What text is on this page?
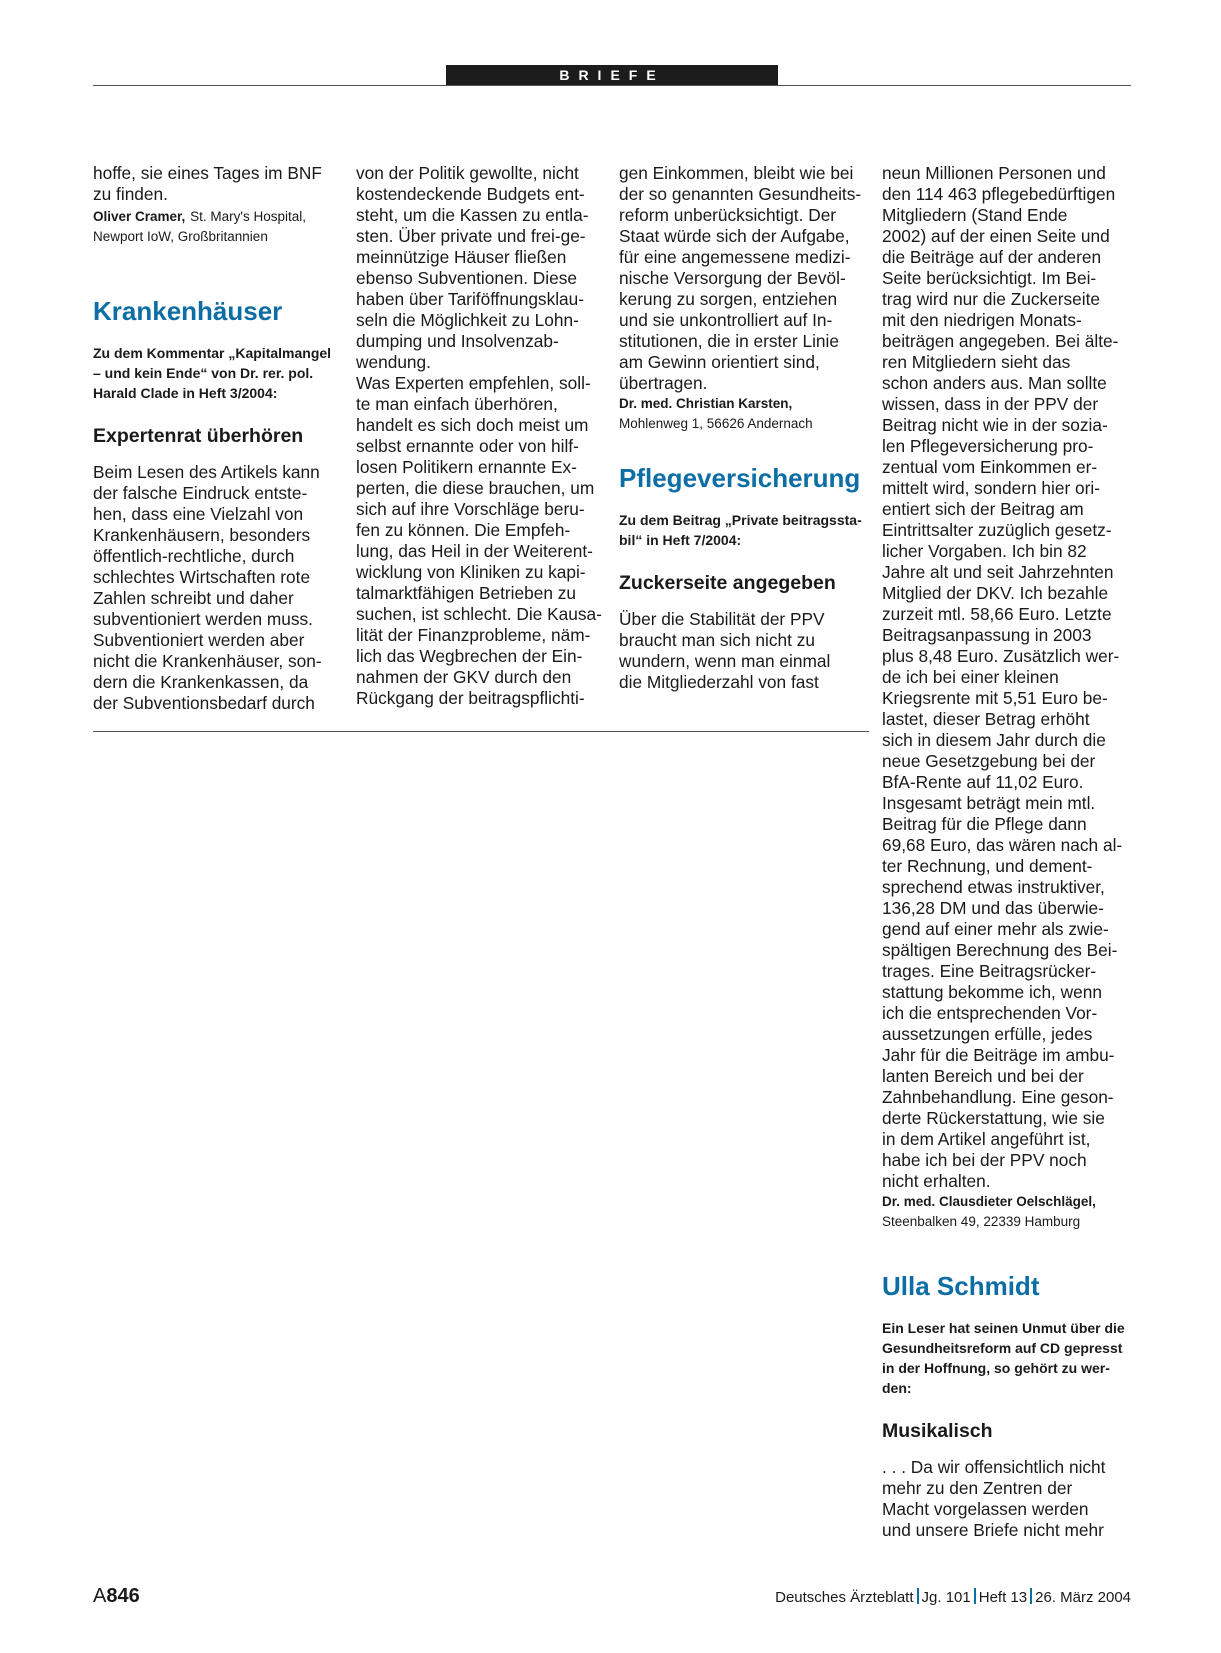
BRIEFE

hoffe, sie eines Tages im BNF

zu finden.

Oliver Cramer, St. Mary's Hospital,
Newport IoW, Großbritannien
Krankenhäuser

Zu dem Kommentar „Kapitalmangel

– und kein Ende“ von Dr. rer. pol.

Harald Clade in Heft 3/2004:

Expertenrat überhören

Beim Lesen des Artikels kann

der falsche Eindruck entste-

hen, dass eine Vielzahl von

Krankenhäusern, besonders

öffentlich-rechtliche, durch

schlechtes Wirtschaften rote

Zahlen schreibt und daher

subventioniert werden muss.

Subventioniert werden aber

nicht die Krankenhäuser, son-

dern die Krankenkassen, da

der Subventionsbedarf durch

von der Politik gewollte, nicht

kostendeckende Budgets ent-

steht, um die Kassen zu entla-

sten. Über private und frei-ge-

meinnützige Häuser fließen

ebenso Subventionen. Diese

haben über Tariföffnungsklau-

seln die Möglichkeit zu Lohn-

dumping und Insolvenzab-

wendung.

Was Experten empfehlen, soll-

te man einfach überhören,

handelt es sich doch meist um

selbst ernannte oder von hilf-

losen Politikern ernannte Ex-

perten, die diese brauchen, um

sich auf ihre Vorschläge beru-

fen zu können. Die Empfeh-

lung, das Heil in der Weiterent-

wicklung von Kliniken zu kapi-

talmarktfähigen Betrieben zu

suchen, ist schlecht. Die Kausa-

lität der Finanzprobleme, näm-

lich das Wegbrechen der Ein-

nahmen der GKV durch den

Rückgang der beitragspflichti-

gen Einkommen, bleibt wie bei

der so genannten Gesundheits-

reform unberücksichtigt. Der

Staat würde sich der Aufgabe,

für eine angemessene medizi-

nische Versorgung der Bevöl-

kerung zu sorgen, entziehen

und sie unkontrolliert auf In-

stitutionen, die in erster Linie

am Gewinn orientiert sind,

übertragen.

Dr. med. Christian Karsten,
Mohlenweg 1, 56626 Andernach
Pflegeversicherung

Zu dem Beitrag „Private beitragssta-

bil“ in Heft 7/2004:

Zuckerseite angegeben

Über die Stabilität der PPV

braucht man sich nicht zu

wundern, wenn man einmal

die Mitgliederzahl von fast

neun Millionen Personen und

den 114 463 pflegebedürftigen

Mitgliedern (Stand Ende

2002) auf der einen Seite und

die Beiträge auf der anderen

Seite berücksichtigt. Im Bei-

trag wird nur die Zuckerseite

mit den niedrigen Monats-

beiträgen angegeben. Bei älte-

ren Mitgliedern sieht das

schon anders aus. Man sollte

wissen, dass in der PPV der

Beitrag nicht wie in der sozia-

len Pflegeversicherung pro-

zentual vom Einkommen er-

mittelt wird, sondern hier ori-

entiert sich der Beitrag am

Eintrittsalter zuzüglich gesetz-

licher Vorgaben. Ich bin 82

Jahre alt und seit Jahrzehnten

Mitglied der DKV. Ich bezahle

zurzeit mtl. 58,66 Euro. Letzte

Beitragsanpassung in 2003

plus 8,48 Euro. Zusätzlich wer-

de ich bei einer kleinen

Kriegsrente mit 5,51 Euro be-

lastet, dieser Betrag erhöht

sich in diesem Jahr durch die

neue Gesetzgebung bei der

BfA-Rente auf 11,02 Euro.

Insgesamt beträgt mein mtl.

Beitrag für die Pflege dann

69,68 Euro, das wären nach al-

ter Rechnung, und dement-

sprechend etwas instruktiver,

136,28 DM und das überwie-

gend auf einer mehr als zwie-

spältigen Berechnung des Bei-

trages. Eine Beitragsrücker-

stattung bekomme ich, wenn

ich die entsprechenden Vor-

aussetzungen erfülle, jedes

Jahr für die Beiträge im ambu-

lanten Bereich und bei der

Zahnbehandlung. Eine geson-

derte Rückerstattung, wie sie

in dem Artikel angeführt ist,

habe ich bei der PPV noch

nicht erhalten.

Dr. med. Clausdieter Oelschlägel,
Steenbalken 49, 22339 Hamburg
Ulla Schmidt

Ein Leser hat seinen Unmut über die

Gesundheitsreform auf CD gepresst

in der Hoffnung, so gehört zu wer-

den:

Musikalisch

. . . Da wir offensichtlich nicht

mehr zu den Zentren der

Macht vorgelassen werden

und unsere Briefe nicht mehr

A846	Deutsches Ärzteblatt Jg. 101 Heft 13 26. März 2004
